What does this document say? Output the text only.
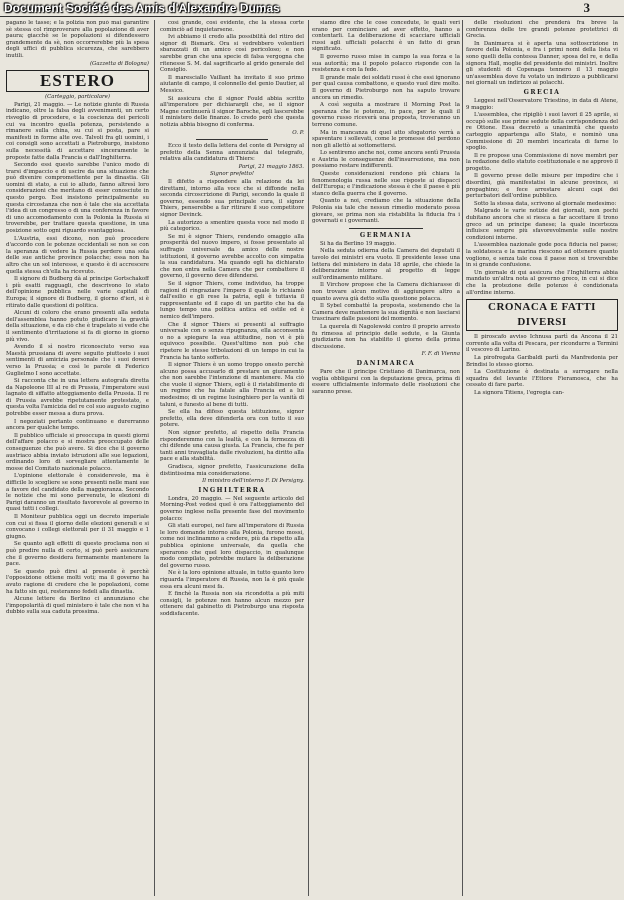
Document Société des Amis d'Alexandre Dumas	3

pagano le tasse; e la polizia non può mai garantire sè stessa col rimproverare alla popolazione di aver paura; giacchè se le popolazioni si difendessero grandemente da sè, non occorrerebbe più la spesa degli uffici di pubblica sicurezza, che sarebbero inutili.

(Gazzetta di Bologna)
ESTERO
(Carteggio, particolare)

Parigi, 21 maggio. — Le notizie giunte di Russia indicano, oltre la falsa degli avvenimenti, un certo risveglio di procedere, e la coscienza dei pericoli cui va incontro quella potenza, persistendo a rimanere sulla china, su cui si posta, pare si manifesti in forme alte ove. Talvoli fra gli uomini, i coi consigli sono accettati a Pietroburgo, insistono sulla necessità di accettare sinceramente le proposte fatte dalla Francia e dall'Inghilterra.

Secondo essi questo sarebbe l'unico modo di trarsi d'impaccio e di uscire da una situazione che può divenire compromettente per la dinastia. Gli uomini di stato, a cui io alludo, fanno altresì loro considerazioni che meritano di esser conosciute in questo pergo. Essi insistono principalmente su questa circostanza che non è tale che sia accettata l'idea di un congresso o di una conferenza in favore di uno accomodamento con la Polonia la Russia si troverebbe, per trattare questa questione, in una posizione sotto ogni riguardo svantaggiosa.

L'Austria, essi dicono, non può procedere d'accordo con le potenze occidentali se non se con la speranza di vedere la Russia perdere una sola delle sue antiche province polacche; essa non ha altro che un sol interesse, e questo è di accrescere quella stessa ch'ella ha ricevuto.

Il signore di Budberg dà al principe Gortschakoff i più esatti ragguagli, che descrivono lo stato dell'opinione pubblica nelle varie capitali di Europa; il signore di Budberg, il giorno d'ieri, si è ritirato dalle questioni di politica.

Alcuni di coloro che erano presenti alla seduta dell'assemblea hanno potuto giudicare la gravità della situazione, e da ciò che è trapelato si vede che il sentimento d'irritazione si fa di giorno in giorno più vivo.

Avendo il sì nostro riconosciuto verso sua Maestà prussiana di avere seguito piuttosto i suoi sentimenti di amicizia personale che i suoi doveri verso la Prussia; e così le parole di Federico Guglielmo I sono accettate.

Si racconta che in una lettera autografa diretta da Napoleone III al re di Prussia, l'imperatore susi lagnato di siffatto atteggiamento della Prussia. Il re di Prussia avrebbe ripetutamente protestato, e questa volta l'amicizia del re col suo augusto cugino potrebbe esser messa a dura prova.

I negoziati pertanto continuano e durerranno ancora per qualche tempo.

Il pubblico ufficiale si preoccupa in questi giorni dell'affare polacco e si mostra preoccupato delle conseguenze che può avere. Si dice che il governo austriaco abbia inviato istruzioni alle sue legazioni, ordinando loro di sorvegliare attentamente le mosse del Comitato nazionale polacco.

L'opinione elettorale è considerevole, ma è difficile lo scegliere se sono presenti nelle mani sue a favore del candidato della maggioranza. Secondo le notizie che mi sono pervenute, le elezioni di Parigi daranno un risultato favorevole al governo in quasi tutti i collegi.

Il Moniteur pubblica oggi un decreto imperiale con cui si fissa il giorno delle elezioni generali e si convocano i collegi elettorali per il 31 maggio e 1 giugno.

Se quanto agli effetti di questo proclama non si può predire nulla di certo, si può però assicurare che il governo desidera fermamente mantenere la pace.

Se questo può dirsi al presente è perchè l'opposizione ottiene molti voti; ma il governo ha avuto ragione di credere che le popolazioni, come ha fatto sin qui, resteranno fedeli alla dinastia.

Alcune lettere da Berlino ci annunziano che l'impopolarità di quel ministero è tale che non vi ha dubbio sulla sua caduta prossima.

così grande, così evidente, che la stessa corte cominciò ad inquietarsene.

Ivi abbiamo il credo alla possibilità del ritiro del signor di Bismark. Ora si vedrebbero volentieri sbarazzati di un amico così pericoloso; e non sarebbe gran che una specie di falsa vergogna che ritenesse S. M. dal sagrificarlo al grido generale del Consiglio.

Il maresciallo Vaillant ha invitato il suo primo aiutante di campo, il colonnello del genio Dautier, al Messico.

Si assicura che il signor Fould abbia scritto all'imperatore per dichiarargli che, se il signor Magne continuerà il signor Baroche, egli lascerebbe il ministero delle finanze. Io credo però che questa notizia abbia bisogno di conferma.

O. P.

Ecco il testo della lettera del conte di Persigny al prefetto della Senna annunziata dal telegrafo, relativa alla candidatura di Thiers:

Parigi, 21 maggio 1863.
Signor prefetto!

Il difetto a rispondere alla relazione da lei direttami, intorno alla voce che si diffonde nella seconda circoscrizione di Parigi, secondo la quale il governo, essendo sua principale cura, il signor Thiers, penserebbe a far ritirare il suo competitore signor Devinck.

La autorizzo a smentire questa voce nel modo il più categorico.

Se mi è signor Thiers, rendendo omaggio alla prosperità del nuovo impero, si fosse presentato al suffragio universale da amico delle nostre istituzioni, il governo avrebbe accolto con simpatia la sua candidatura. Ma quando egli ha dichiarato che non entra nella Camera che per combattere il governo, il governo deve difendersi.

Se il signor Thiers, come individuo, ha troppe ragioni di ringraziare l'impero il quale lo richiamò dall'esilio e gli rese la patria, egli è tuttavia il rappresentante ed il capo di un partito che ha da lungo tempo una politica antica ed ostile ed è nemico dell'impero.

Che il signor Thiers si presenti al suffragio universale con o senza ripugnanza, ella acconsenta o no a spiegare la sua attitudine, non vi è più equivoco possibile. Quest'ultimo non può che ripetere le stesse tribolazioni di un tempo in cui la Francia ha tanto sofferto.

Il signor Thiers è un uomo troppo onesto perchè alcuno possa accusarlo di prestare un giuramento che non sarebbe l'intenzione di mantenere. Ma ciò che vuole il signor Thiers, egli è il ristabilimento di un regime che ha fatale alla Francia ed a lui medesimo; di un regime lusinghiero per la vanità di taluni, e funesto al bene di tutti.

Se ella ha difeso questa istituzione, signor prefetto, ella deve difenderla ora con tutto il suo potere.

Non signor prefetto, al rispetto della Francia risponderemmo con la lealtà, e con la fermezza di chi difende una causa giusta. La Francia, che fu per tanti anni travagliata dalle rivoluzioni, ha diritto alla pace e alla stabilità.

Gradisca, signor prefetto, l'assicurazione della distintissima mia considerazione.

Il ministro dell'interno F. Di Persigny.
INGHILTERRA

Londra, 20 maggio. — Nel seguente articolo del Morning-Post vedesi quel è ora l'atteggiamento del governo inglese nella presente fase del movimento polacco:

Gli stati europei, nel fare all'imperatore di Russia le loro domande intorno alla Polonia, furono mossi, come noi inclinammo a credere, più da rispetto alla pubblica opinione universale, da quella che sperarono che quel loro dispaccio, in qualunque modo compilato, potrebbe mutare la deliberazione del governo russo.

Ne è la loro opinione attuale, in tutto quanto loro riguarda l'imperatore di Russia, non la è più quale essa era alcuni mesi fa.

E finchè la Russia non sia ricondotta a più miti consigli, le potenze non hanno alcun mezzo per ottenere dal gabinetto di Pietroburgo una risposta soddisfacente.

siamo dire che le cose concedute, le quali veri erano per cominciare ad aver effetto, hanno a contentarli. La deliberazione di scacciare ufficiali russi agli ufficiali polacchi è un fatto di gran significato.

Il governo russo mise in campo la sua forza e la sua autorità; ma il popolo polacco risponde con la resistenza e con la fede.

Il grande male dei soldati russi è che essi ignorano per qual causa combattono, e questo vuol dire molto. Il governo di Pietroburgo non ha saputo trovare ancora un rimedio.

A così seguita a mostrare il Morning Post la speranza che le potenze, in pace, per le quali il governo russo riceverà una proposta, troveranno un terreno comune.

Ma in mancanza di quel atto sfogatorio verrà a spaventare i sollevati, come le promesse del perdono non gli allettò ai sottomettersi.

Lo sentiremo anche noi, come ancora sentì Prussia e Austria le conseguenze dell'insurrezione, ma non possiamo restare indifferenti.

Queste considerazioni rendono più chiara la fenomenologia russa nelle sue risposte ai dispacci dell'Europa; e l'indicazione stessa è che il paese è più stanco della guerra che il governo.

Quanto a noi, crediamo che la situazione della Polonia sia tale che nessun rimedio moderato possa giovare, se prima non sia ristabilita la fiducia fra i governati e i governanti.

GERMANIA

Si ha da Berlino 19 maggio.

Nella seduta odierna della Camera dei deputati il tavolo dei ministri era vuoto. Il presidente lesse una lettera del ministero in data 18 aprile, che chiede la deliberazione intorno al progetto di legge sull'ordinamento militare.

Il Virchow propose che la Camera dichiarasse di non trovare alcun motivo di aggiungere altro a quanto aveva già detto sulla questione polacca.

Il Sybel combatté la proposta, sostenendo che la Camera deve mantenere la sua dignità e non lasciarsi trascinare dalle passioni del momento.

La querela di Nagolewski contro il proprio arresto fu rimessa al principio delle sedute, e la Giunta giudiziaria non ha stabilito il giorno della prima discussione.

F. F. di Vienna
DANIMARCA

Pare che il principe Cristiano di Danimarca, non voglia obbligarsi con la deputazione greca, prima di essere ufficialmente informato delle risoluzioni che saranno prese.

delle risoluzioni che prenderà fra breve la conferenza delle tre grandi potenze protettrici di Grecia.

In Danimarca si è aperta una sottoscrizione in favore della Polonia, e fra i primi nomi della lista vi sono quelli della contessa Danner, sposa del re, e della signora Hall, moglie del presidente dei ministri. Inoltre gli studenti di Copenaga tennero il 13 maggio un'assemblea dove fu votato un indirizzo a pubblicarsi nei giornali un indirizzo ai polacchi.

GRECIA

Leggesi nell'Osservatore Triestino, in data di Atene, 9 maggio:

L'assemblea, che ripigliò i suoi lavori il 25 aprile, si occupò sulle sue prime sedute della corrispondenza del re Ottone. Essa decretò a unanimità che questo carteggio appartenga allo Stato, e nominò una Commissione di 20 membri incaricata di farne lo spoglio.

Il re propose una Commissione di nove membri per la redazione dello statuto costituzionale e ne approvò il progetto.

Il governo prese delle misure per impedire che i disordini, già manifestatisi in alcune province, si propaghino; e fece arrestare alcuni capi dei perturbatori dell'ordine pubblico.

Sotto la stessa data, scrivono al giornale medesimo:

Malgrado le varie notizie dei giornali, non pochi dubitano ancora che si riesca a far accettare il trono greco ad un principe danese; la quale incertezza influisce sempre più sfavorevolmente sulle nostre condizioni interne.

L'assemblea nazionale gode poca fiducia nel paese; la soldatesca e la marina riescono ad ottenere quanto vogliono, e senza tale cosa il paese non si troverebbe in sì grande confusione.

Un giornale di qui assicura che l'Inghilterra abbia mandato un'altra nota al governo greco, in cui si dice che la protezione delle potenze è condizionata all'ordine interno.

CRONACA E FATTI DIVERSI

Il piroscafo avviso Ichnusa partì da Ancona il 21 corrente alla volta di Pescara, per ricondurre a Termini il vescovo di Larino.

La pirofregata Garibaldi partì da Manfredonia per Brindisi lo stesso giorno.

La Costituzione è destinata a surrogare nella squadra del levante l'Ettore Fieramosca, che ha cessato di fare parte.

La signora Titiens, l'egregia can-
